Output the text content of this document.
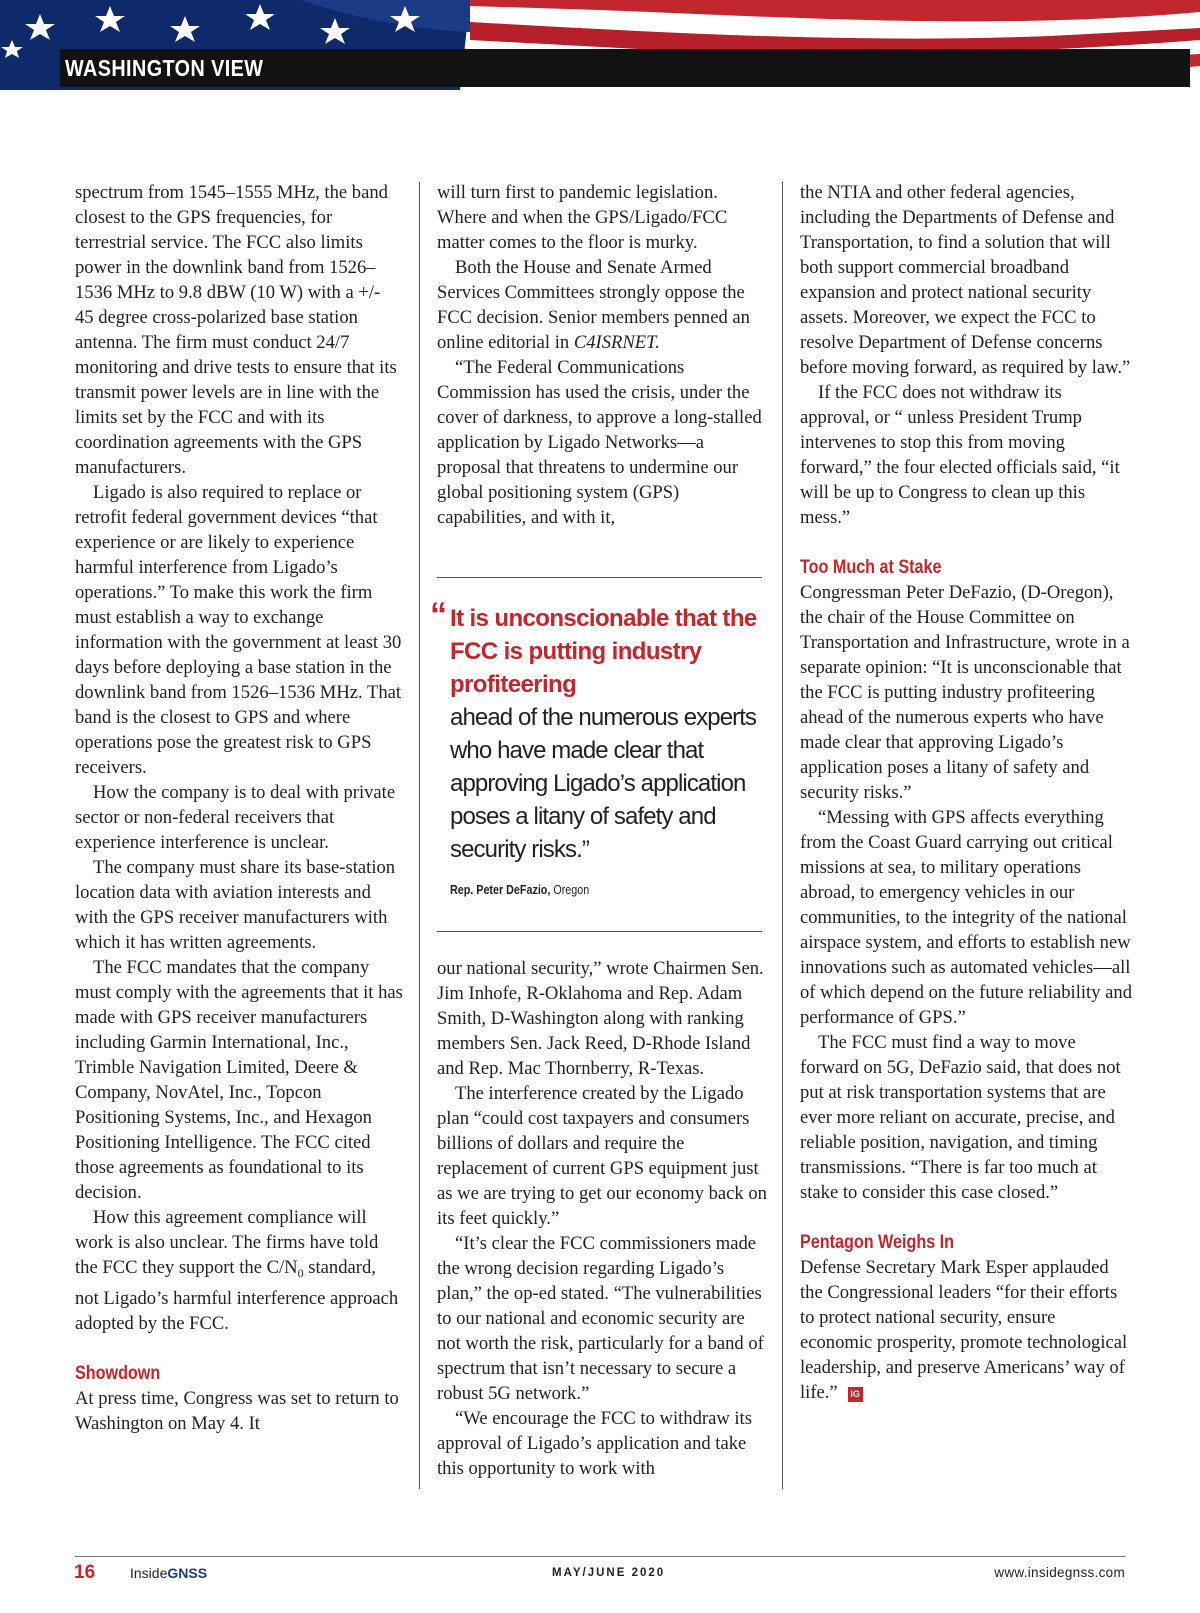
WASHINGTON VIEW

spectrum from 1545–1555 MHz, the band closest to the GPS frequencies, for terrestrial service. The FCC also limits power in the downlink band from 1526–1536 MHz to 9.8 dBW (10 W) with a +/- 45 degree cross-polarized base station antenna. The firm must conduct 24/7 monitoring and drive tests to ensure that its transmit power levels are in line with the limits set by the FCC and with its coordination agreements with the GPS manufacturers.

Ligado is also required to replace or retrofit federal government devices “that experience or are likely to experience harmful interference from Ligado’s operations.” To make this work the firm must establish a way to exchange information with the government at least 30 days before deploying a base station in the downlink band from 1526–1536 MHz. That band is the closest to GPS and where operations pose the greatest risk to GPS receivers.

How the company is to deal with private sector or non-federal receivers that experience interference is unclear.

The company must share its base-station location data with aviation interests and with the GPS receiver manufacturers with which it has written agreements.

The FCC mandates that the company must comply with the agreements that it has made with GPS receiver manufacturers including Garmin International, Inc., Trimble Navigation Limited, Deere & Company, NovAtel, Inc., Topcon Positioning Systems, Inc., and Hexagon Positioning Intelligence. The FCC cited those agreements as foundational to its decision.

How this agreement compliance will work is also unclear. The firms have told the FCC they support the $C/N_0$ standard, not Ligado’s harmful interference approach adopted by the FCC.

Showdown

At press time, Congress was set to return to Washington on May 4. It

will turn first to pandemic legislation. Where and when the GPS/Ligado/FCC matter comes to the floor is murky.

Both the House and Senate Armed Services Committees strongly oppose the FCC decision. Senior members penned an online editorial in C4ISRNET.

“The Federal Communications Commission has used the crisis, under the cover of darkness, to approve a long-stalled application by Ligado Networks—a proposal that threatens to undermine our global positioning system (GPS) capabilities, and with it,

“ It is unconscionable that the FCC is putting industry profiteering
ahead of the numerous experts who have made clear that approving Ligado’s application poses a litany of safety and security risks.”
Rep. Peter DeFazio, Oregon

our national security,” wrote Chairmen Sen. Jim Inhofe, R-Oklahoma and Rep. Adam Smith, D-Washington along with ranking members Sen. Jack Reed, D-Rhode Island and Rep. Mac Thornberry, R-Texas.

The interference created by the Ligado plan “could cost taxpayers and consumers billions of dollars and require the replacement of current GPS equipment just as we are trying to get our economy back on its feet quickly.”

“It’s clear the FCC commissioners made the wrong decision regarding Ligado’s plan,” the op-ed stated. “The vulnerabilities to our national and economic security are not worth the risk, particularly for a band of spectrum that isn’t necessary to secure a robust 5G network.”

“We encourage the FCC to withdraw its approval of Ligado’s application and take this opportunity to work with

the NTIA and other federal agencies, including the Departments of Defense and Transportation, to find a solution that will both support commercial broadband expansion and protect national security assets. Moreover, we expect the FCC to resolve Department of Defense concerns before moving forward, as required by law.”

If the FCC does not withdraw its approval, or “ unless President Trump intervenes to stop this from moving forward,” the four elected officials said, “it will be up to Congress to clean up this mess.”

Too Much at Stake

Congressman Peter DeFazio, (D-Oregon), the chair of the House Committee on Transportation and Infrastructure, wrote in a separate opinion: “It is unconscionable that the FCC is putting industry profiteering ahead of the numerous experts who have made clear that approving Ligado’s application poses a litany of safety and security risks.”

“Messing with GPS affects everything from the Coast Guard carrying out critical missions at sea, to military operations abroad, to emergency vehicles in our communities, to the integrity of the national airspace system, and efforts to establish new innovations such as automated vehicles—all of which depend on the future reliability and performance of GPS.”

The FCC must find a way to move forward on 5G, DeFazio said, that does not put at risk transportation systems that are ever more reliant on accurate, precise, and reliable position, navigation, and timing transmissions. “There is far too much at stake to consider this case closed.”

Pentagon Weighs In

Defense Secretary Mark Esper applauded the Congressional leaders “for their efforts to protect national security, ensure economic prosperity, promote technological leadership, and preserve Americans’ way of life.” IG

16 InsideGNSS	MAY/JUNE 2020	www.insidegnss.com
